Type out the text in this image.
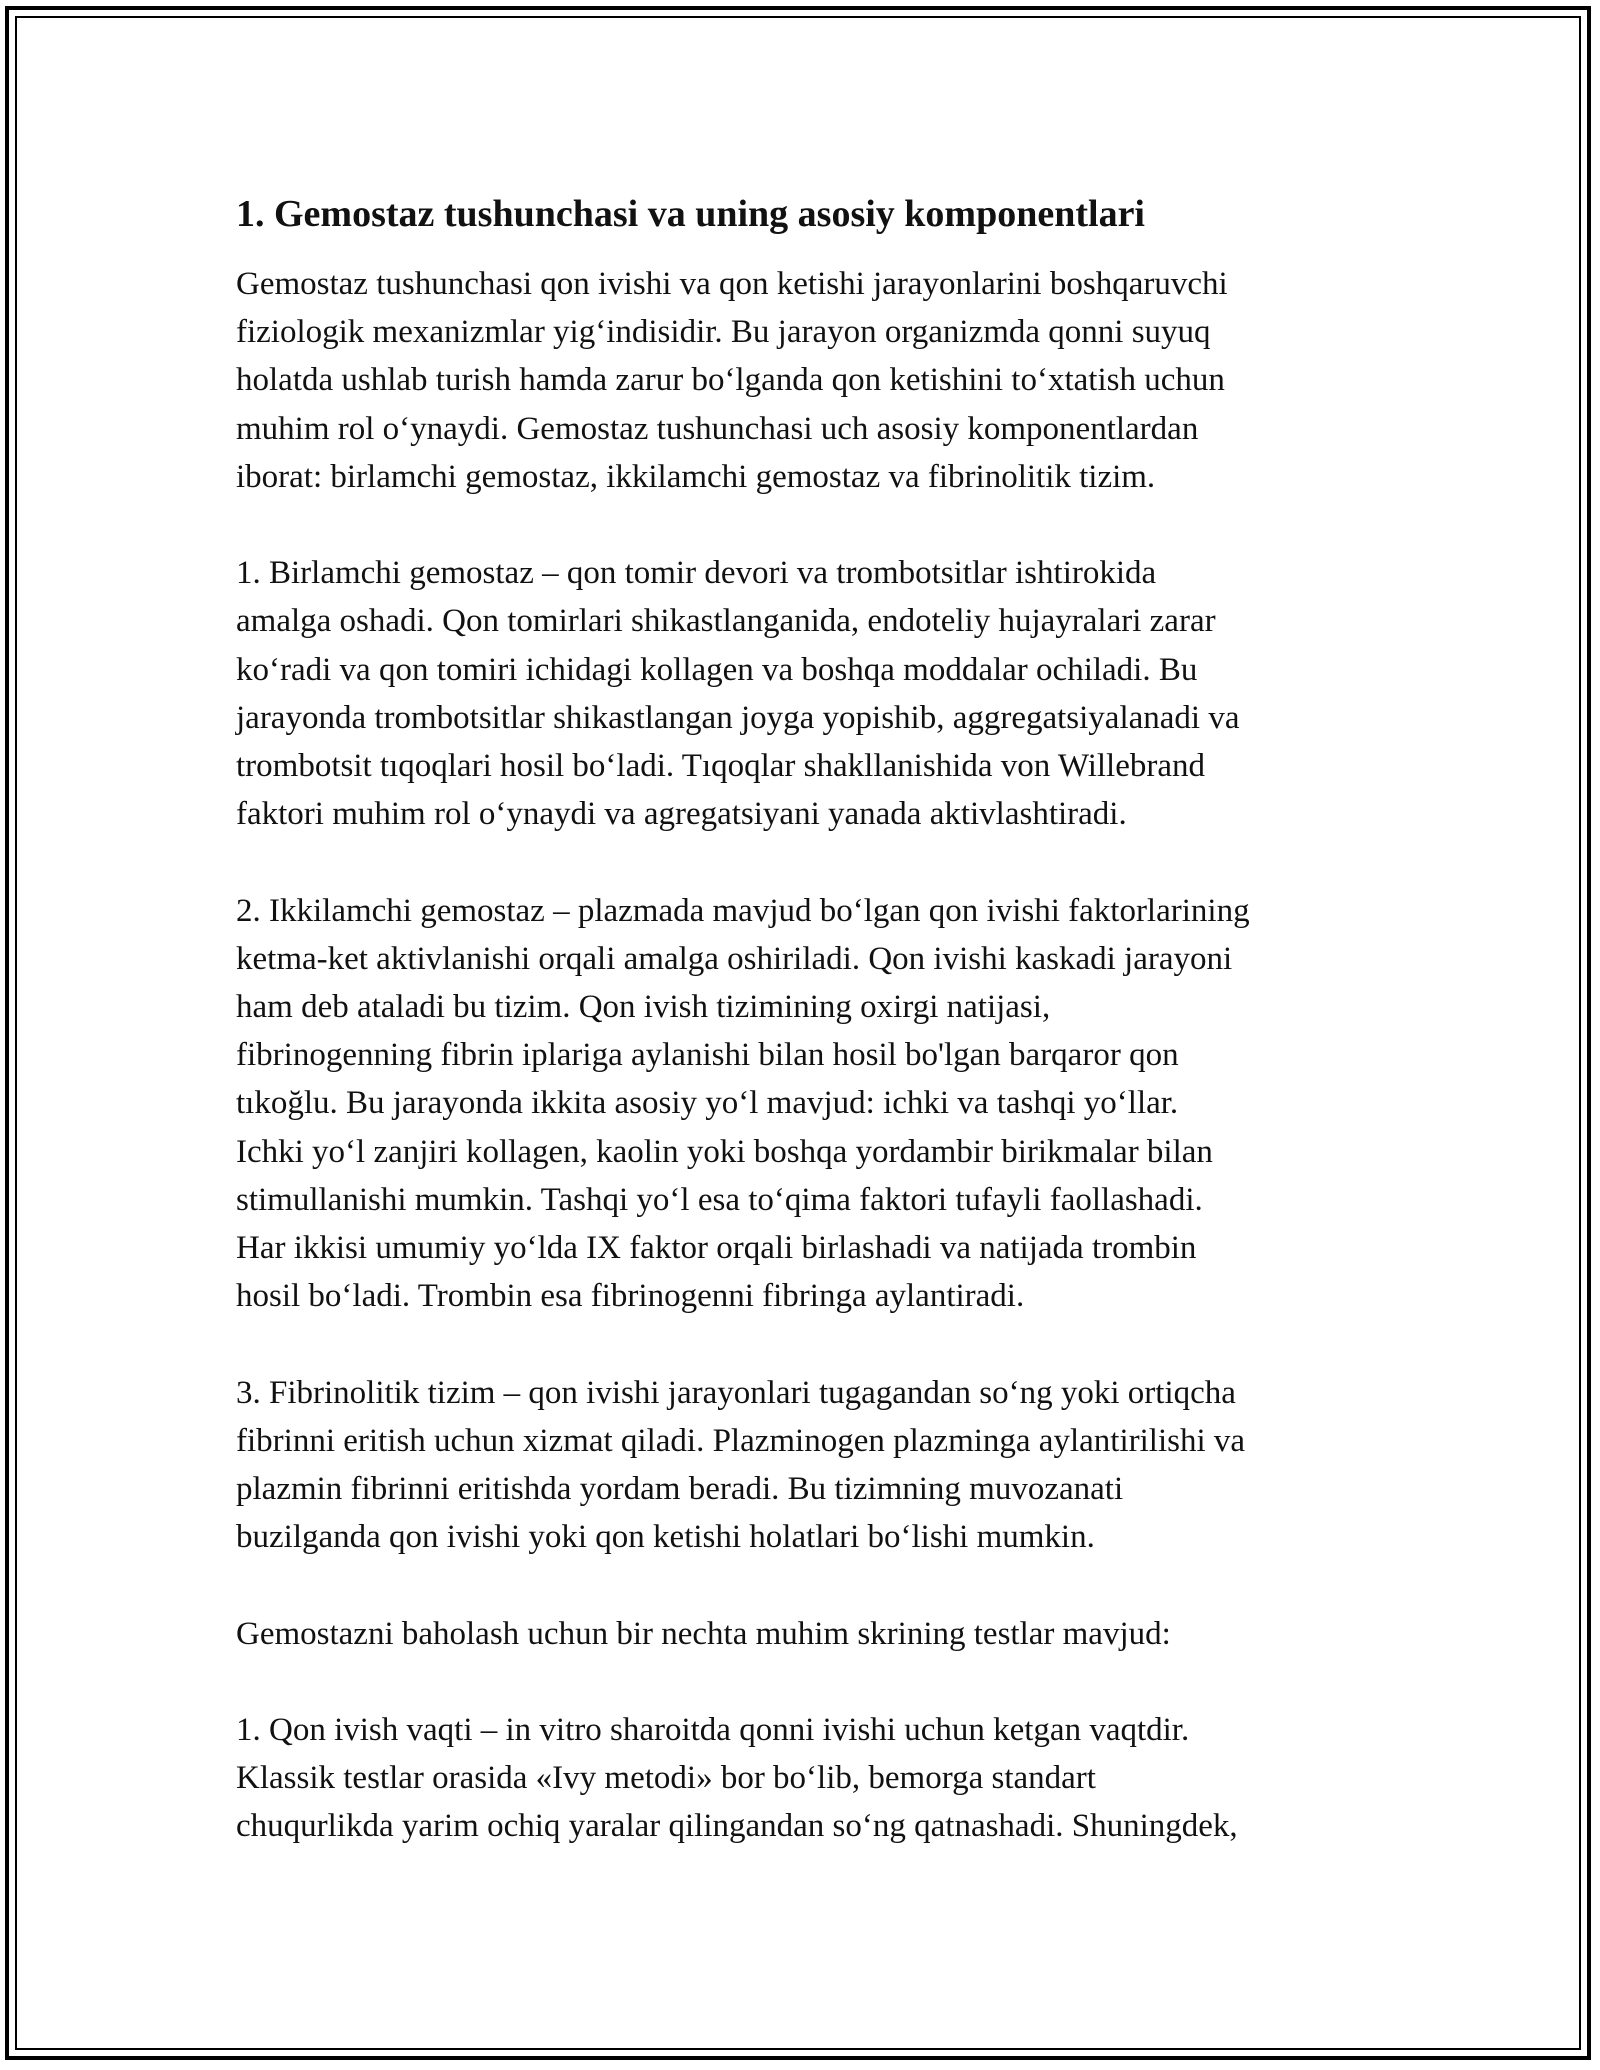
1. Gemostaz tushunchasi va uning asosiy komponentlari

Gemostaz tushunchasi qon ivishi va qon ketishi jarayonlarini boshqaruvchi
fiziologik mexanizmlar yig‘indisidir. Bu jarayon organizmda qonni suyuq
holatda ushlab turish hamda zarur bo‘lganda qon ketishini to‘xtatish uchun
muhim rol o‘ynaydi. Gemostaz tushunchasi uch asosiy komponentlardan
iborat: birlamchi gemostaz, ikkilamchi gemostaz va fibrinolitik tizim.

1. Birlamchi gemostaz – qon tomir devori va trombotsitlar ishtirokida
amalga oshadi. Qon tomirlari shikastlanganida, endoteliy hujayralari zarar
ko‘radi va qon tomiri ichidagi kollagen va boshqa moddalar ochiladi. Bu
jarayonda trombotsitlar shikastlangan joyga yopishib, aggregatsiyalanadi va
trombotsit tıqoqlari hosil bo‘ladi. Tıqoqlar shakllanishida von Willebrand
faktori muhim rol o‘ynaydi va agregatsiyani yanada aktivlashtiradi.

2. Ikkilamchi gemostaz – plazmada mavjud bo‘lgan qon ivishi faktorlarining
ketma-ket aktivlanishi orqali amalga oshiriladi. Qon ivishi kaskadi jarayoni
ham deb ataladi bu tizim. Qon ivish tizimining oxirgi natijasi,
fibrinogenning fibrin iplariga aylanishi bilan hosil bo'lgan barqaror qon
tıkoğlu. Bu jarayonda ikkita asosiy yo‘l mavjud: ichki va tashqi yo‘llar.
Ichki yo‘l zanjiri kollagen, kaolin yoki boshqa yordambir birikmalar bilan
stimullanishi mumkin. Tashqi yo‘l esa to‘qima faktori tufayli faollashadi.
Har ikkisi umumiy yo‘lda IX faktor orqali birlashadi va natijada trombin
hosil bo‘ladi. Trombin esa fibrinogenni fibringa aylantiradi.

3. Fibrinolitik tizim – qon ivishi jarayonlari tugagandan so‘ng yoki ortiqcha
fibrinni eritish uchun xizmat qiladi. Plazminogen plazminga aylantirilishi va
plazmin fibrinni eritishda yordam beradi. Bu tizimning muvozanati
buzilganda qon ivishi yoki qon ketishi holatlari bo‘lishi mumkin.

Gemostazni baholash uchun bir nechta muhim skrining testlar mavjud:

1. Qon ivish vaqti – in vitro sharoitda qonni ivishi uchun ketgan vaqtdir.
Klassik testlar orasida «Ivy metodi» bor bo‘lib, bemorga standart
chuqurlikda yarim ochiq yaralar qilingandan so‘ng qatnashadi. Shuningdek,
